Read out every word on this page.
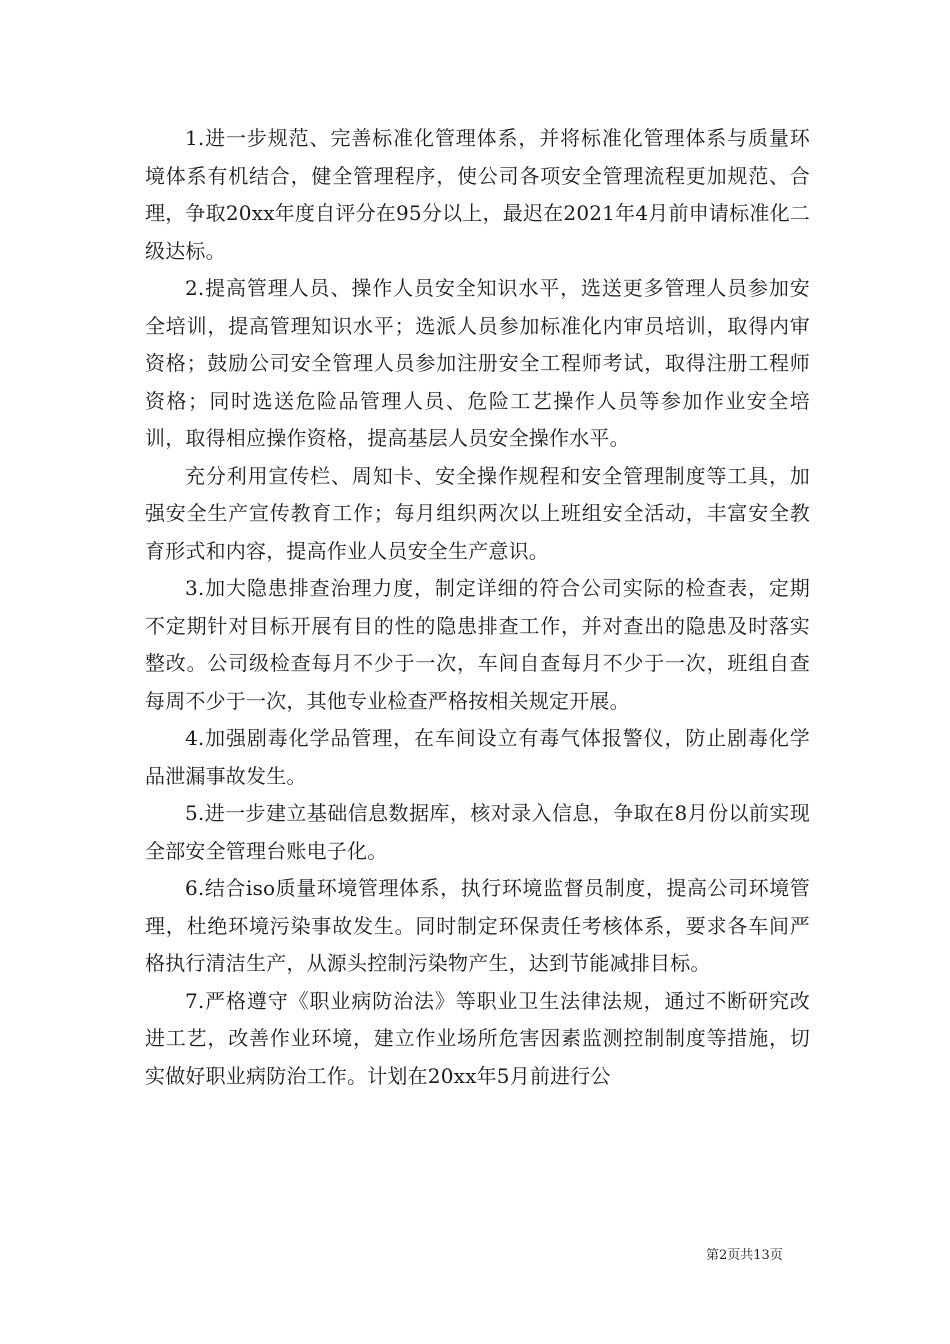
1.进一步规范、完善标准化管理体系，并将标准化管理体系与质量环境体系有机结合，健全管理程序，使公司各项安全管理流程更加规范、合理，争取20xx年度自评分在95分以上，最迟在2021年4月前申请标准化二级达标。

2.提高管理人员、操作人员安全知识水平，选送更多管理人员参加安全培训，提高管理知识水平；选派人员参加标准化内审员培训，取得内审资格；鼓励公司安全管理人员参加注册安全工程师考试，取得注册工程师资格；同时选送危险品管理人员、危险工艺操作人员等参加作业安全培训，取得相应操作资格，提高基层人员安全操作水平。

充分利用宣传栏、周知卡、安全操作规程和安全管理制度等工具，加强安全生产宣传教育工作；每月组织两次以上班组安全活动，丰富安全教育形式和内容，提高作业人员安全生产意识。

3.加大隐患排查治理力度，制定详细的符合公司实际的检查表，定期不定期针对目标开展有目的性的隐患排查工作，并对查出的隐患及时落实整改。公司级检查每月不少于一次，车间自查每月不少于一次，班组自查每周不少于一次，其他专业检查严格按相关规定开展。

4.加强剧毒化学品管理，在车间设立有毒气体报警仪，防止剧毒化学品泄漏事故发生。

5.进一步建立基础信息数据库，核对录入信息，争取在8月份以前实现全部安全管理台账电子化。

6.结合iso质量环境管理体系，执行环境监督员制度，提高公司环境管理，杜绝环境污染事故发生。同时制定环保责任考核体系，要求各车间严格执行清洁生产，从源头控制污染物产生，达到节能减排目标。

7.严格遵守《职业病防治法》等职业卫生法律法规，通过不断研究改进工艺，改善作业环境，建立作业场所危害因素监测控制制度等措施，切实做好职业病防治工作。计划在20xx年5月前进行公

第2页共13页
